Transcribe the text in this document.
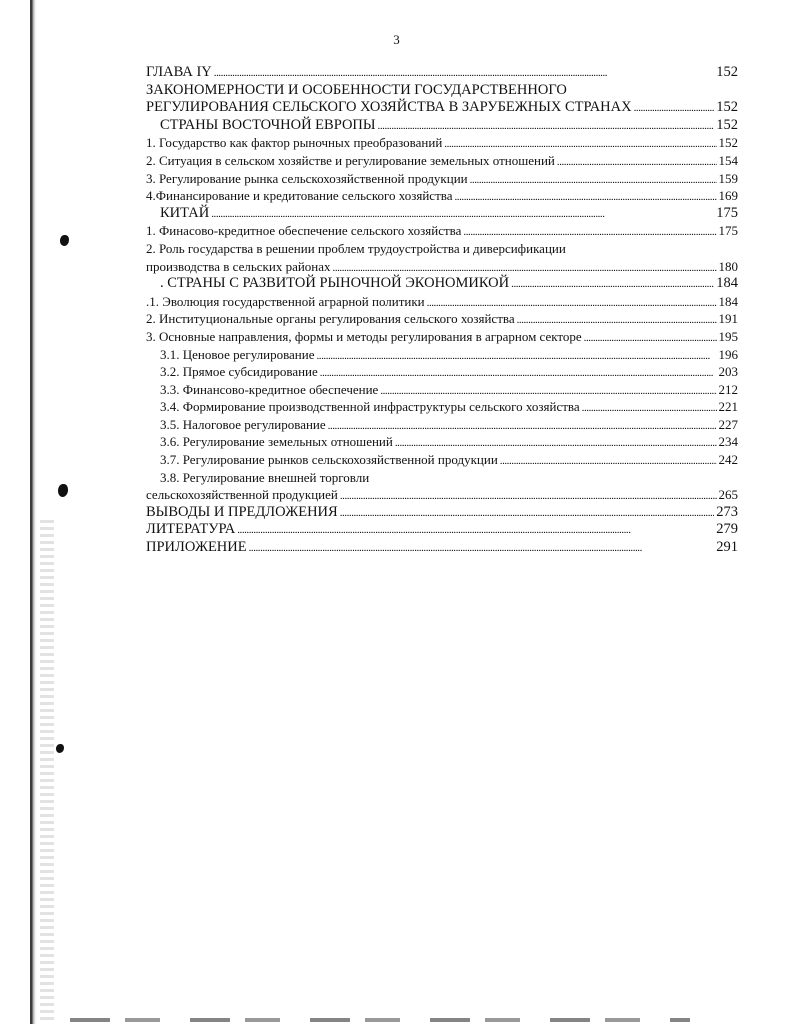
3
ГЛАВА IY . . .	152
ЗАКОНОМЕРНОСТИ И ОСОБЕННОСТИ ГОСУДАРСТВЕННОГО
РЕГУЛИРОВАНИЯ СЕЛЬСКОГО ХОЗЯЙСТВА В ЗАРУБЕЖНЫХ СТРАНАХ . . .	152
СТРАНЫ ВОСТОЧНОЙ ЕВРОПЫ . . .	152
1. Государство как фактор рыночных преобразований . . .	152
2. Ситуация в сельском хозяйстве и регулирование земельных отношений . . .	154
3. Регулирование рынка сельскохозяйственной продукции . . .	159
4.Финансирование и кредитование сельского хозяйства . . .	169
КИТАЙ . . .	175
1. Финасово-кредитное обеспечение сельского хозяйства . . .	175
2. Роль государства в решении проблем трудоустройства и диверсификации
производства в сельских районах . . .	180
. СТРАНЫ С РАЗВИТОЙ РЫНОЧНОЙ ЭКОНОМИКОЙ . . .	184
.1. Эволюция государственной аграрной политики . . .	184
2. Институциональные органы регулирования сельского хозяйства . . .	191
3. Основные направления, формы и методы регулирования в аграрном секторе . . .	195
3.1. Ценовое регулирование . . .	196
3.2. Прямое субсидирование . . .	203
3.3. Финансово-кредитное обеспечение . . .	212
3.4. Формирование производственной инфраструктуры сельского хозяйства . . .	221
3.5. Налоговое регулирование . . .	227
3.6. Регулирование земельных отношений . . .	234
3.7. Регулирование рынков сельскохозяйственной продукции . . .	242
3.8. Регулирование внешней торговли
сельскохозяйственной продукцией . . .	265
ВЫВОДЫ И ПРЕДЛОЖЕНИЯ . . .	273
ЛИТЕРАТУРА . . .	279
ПРИЛОЖЕНИЕ . . .	291
